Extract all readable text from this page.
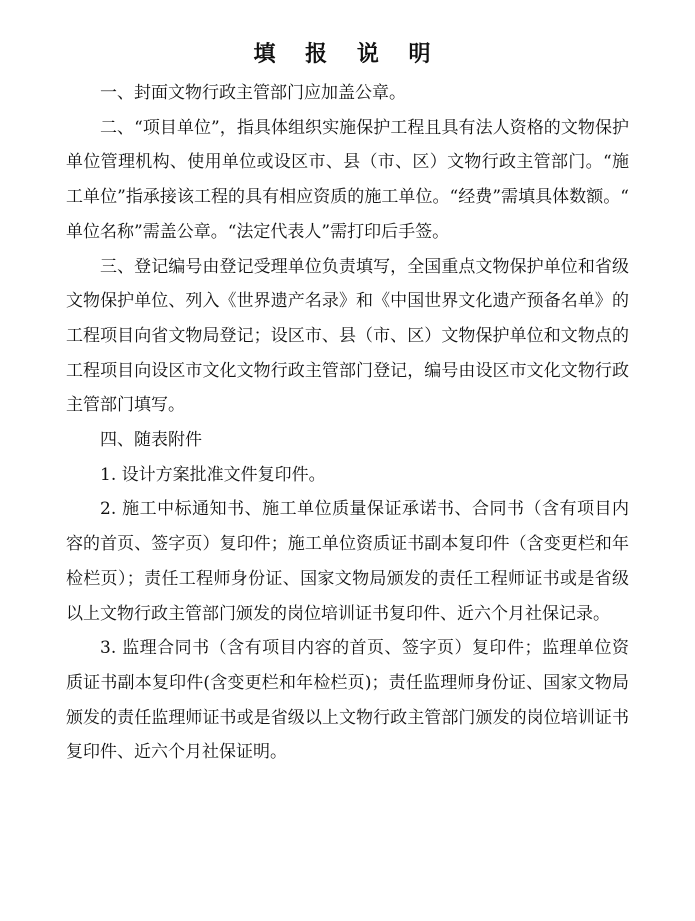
填 报 说 明

一、封面文物行政主管部门应加盖公章。

二、“项目单位”，指具体组织实施保护工程且具有法人资格的文物保护单位管理机构、使用单位或设区市、县（市、区）文物行政主管部门。“施工单位”指承接该工程的具有相应资质的施工单位。“经费”需填具体数额。“单位名称”需盖公章。“法定代表人”需打印后手签。

三、登记编号由登记受理单位负责填写，全国重点文物保护单位和省级文物保护单位、列入《世界遗产名录》和《中国世界文化遗产预备名单》的工程项目向省文物局登记；设区市、县（市、区）文物保护单位和文物点的工程项目向设区市文化文物行政主管部门登记，编号由设区市文化文物行政主管部门填写。

四、随表附件

1. 设计方案批准文件复印件。

2. 施工中标通知书、施工单位质量保证承诺书、合同书（含有项目内容的首页、签字页）复印件；施工单位资质证书副本复印件（含变更栏和年检栏页）；责任工程师身份证、国家文物局颁发的责任工程师证书或是省级以上文物行政主管部门颁发的岗位培训证书复印件、近六个月社保记录。

3. 监理合同书（含有项目内容的首页、签字页）复印件；监理单位资质证书副本复印件(含变更栏和年检栏页)；责任监理师身份证、国家文物局颁发的责任监理师证书或是省级以上文物行政主管部门颁发的岗位培训证书复印件、近六个月社保证明。
